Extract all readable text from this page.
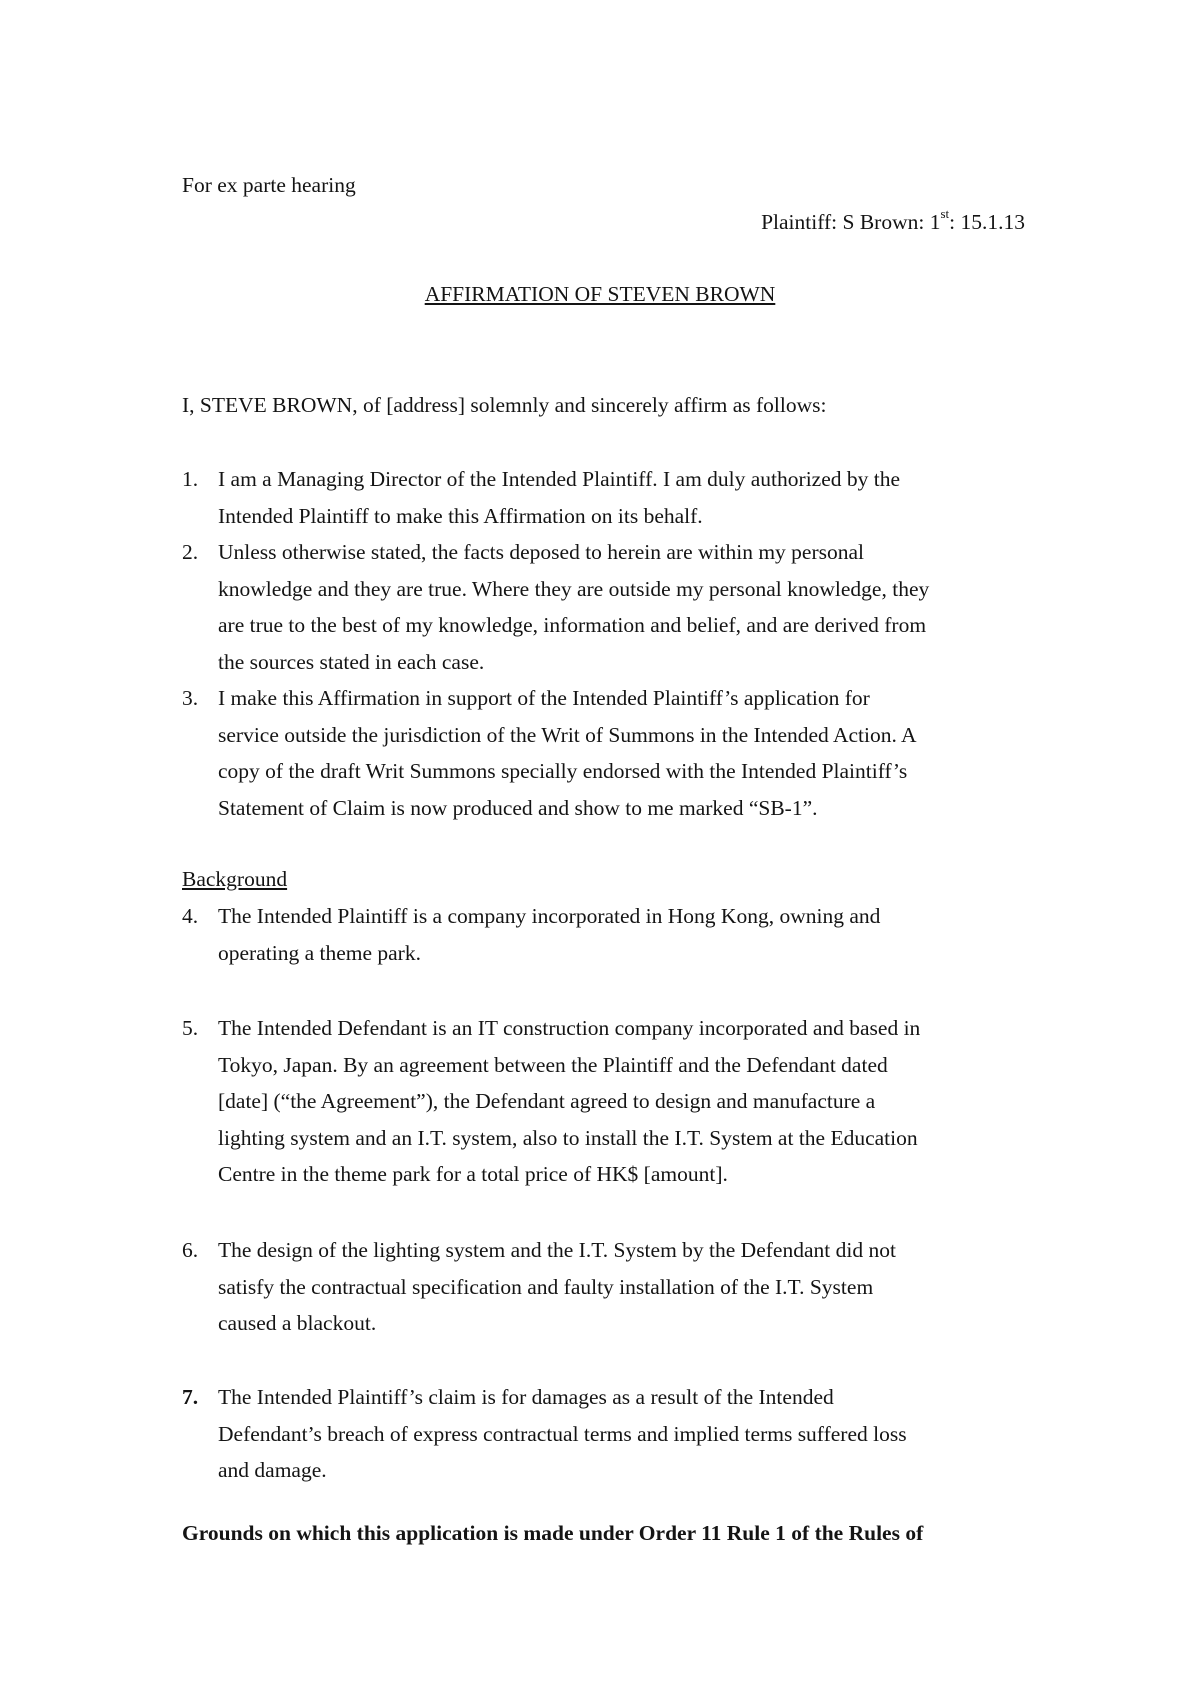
For ex parte hearing
Plaintiff: S Brown: 1st: 15.1.13
AFFIRMATION OF STEVEN BROWN
I, STEVE BROWN, of [address] solemnly and sincerely affirm as follows:
1. I am a Managing Director of the Intended Plaintiff. I am duly authorized by the
Intended Plaintiff to make this Affirmation on its behalf.
2. Unless otherwise stated, the facts deposed to herein are within my personal
knowledge and they are true. Where they are outside my personal knowledge, they
are true to the best of my knowledge, information and belief, and are derived from
the sources stated in each case.
3. I make this Affirmation in support of the Intended Plaintiff’s application for
service outside the jurisdiction of the Writ of Summons in the Intended Action. A
copy of the draft Writ Summons specially endorsed with the Intended Plaintiff’s
Statement of Claim is now produced and show to me marked “SB-1”.
Background
4. The Intended Plaintiff is a company incorporated in Hong Kong, owning and
operating a theme park.
5. The Intended Defendant is an IT construction company incorporated and based in
Tokyo, Japan. By an agreement between the Plaintiff and the Defendant dated
[date] (“the Agreement”), the Defendant agreed to design and manufacture a
lighting system and an I.T. system, also to install the I.T. System at the Education
Centre in the theme park for a total price of HK$ [amount].
6. The design of the lighting system and the I.T. System by the Defendant did not
satisfy the contractual specification and faulty installation of the I.T. System
caused a blackout.
7. The Intended Plaintiff’s claim is for damages as a result of the Intended
Defendant’s breach of express contractual terms and implied terms suffered loss
and damage.
Grounds on which this application is made under Order 11 Rule 1 of the Rules of
